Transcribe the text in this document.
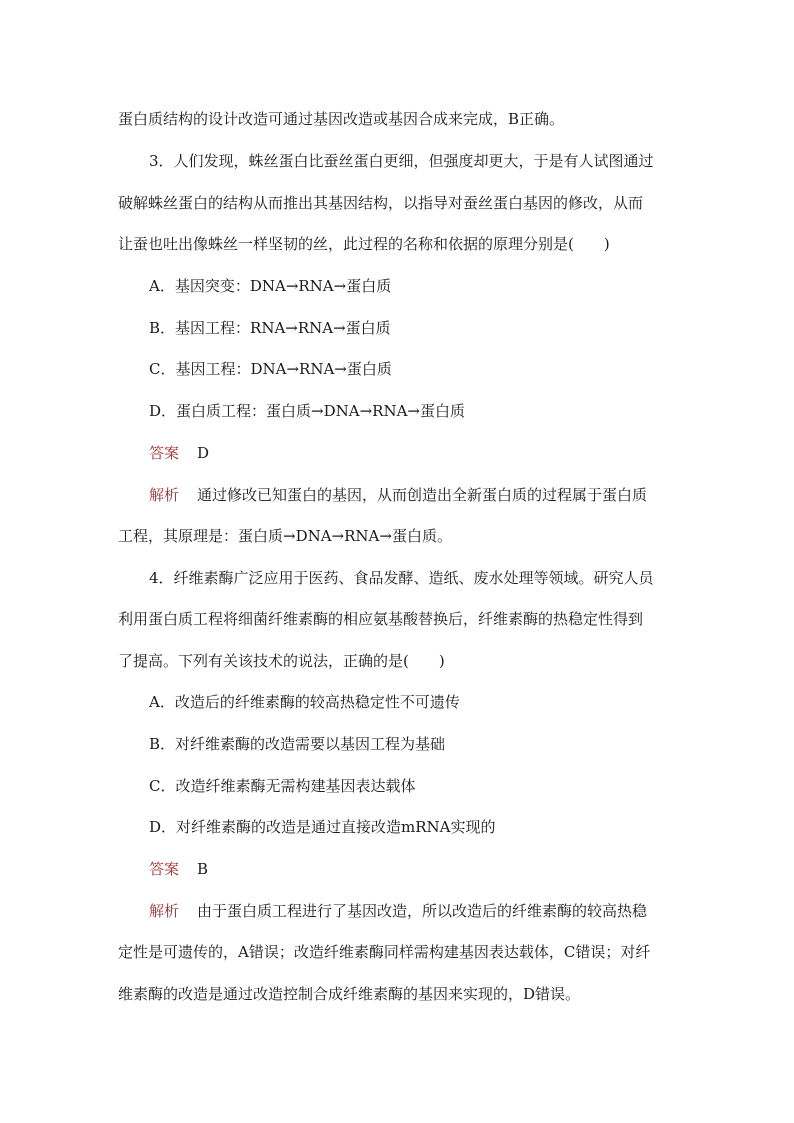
蛋白质结构的设计改造可通过基因改造或基因合成来完成，B正确。
3．人们发现，蛛丝蛋白比蚕丝蛋白更细，但强度却更大，于是有人试图通过
破解蛛丝蛋白的结构从而推出其基因结构，以指导对蚕丝蛋白基因的修改，从而
让蚕也吐出像蛛丝一样坚韧的丝，此过程的名称和依据的原理分别是(　　)
A．基因突变：DNA→RNA→蛋白质
B．基因工程：RNA→RNA→蛋白质
C．基因工程：DNA→RNA→蛋白质
D．蛋白质工程：蛋白质→DNA→RNA→蛋白质
答案 D
解析 通过修改已知蛋白的基因，从而创造出全新蛋白质的过程属于蛋白质
工程，其原理是：蛋白质→DNA→RNA→蛋白质。
4．纤维素酶广泛应用于医药、食品发酵、造纸、废水处理等领域。研究人员
利用蛋白质工程将细菌纤维素酶的相应氨基酸替换后，纤维素酶的热稳定性得到
了提高。下列有关该技术的说法，正确的是(　　)
A．改造后的纤维素酶的较高热稳定性不可遗传
B．对纤维素酶的改造需要以基因工程为基础
C．改造纤维素酶无需构建基因表达载体
D．对纤维素酶的改造是通过直接改造mRNA实现的
答案 B
解析 由于蛋白质工程进行了基因改造，所以改造后的纤维素酶的较高热稳
定性是可遗传的，A错误；改造纤维素酶同样需构建基因表达载体，C错误；对纤
维素酶的改造是通过改造控制合成纤维素酶的基因来实现的，D错误。
